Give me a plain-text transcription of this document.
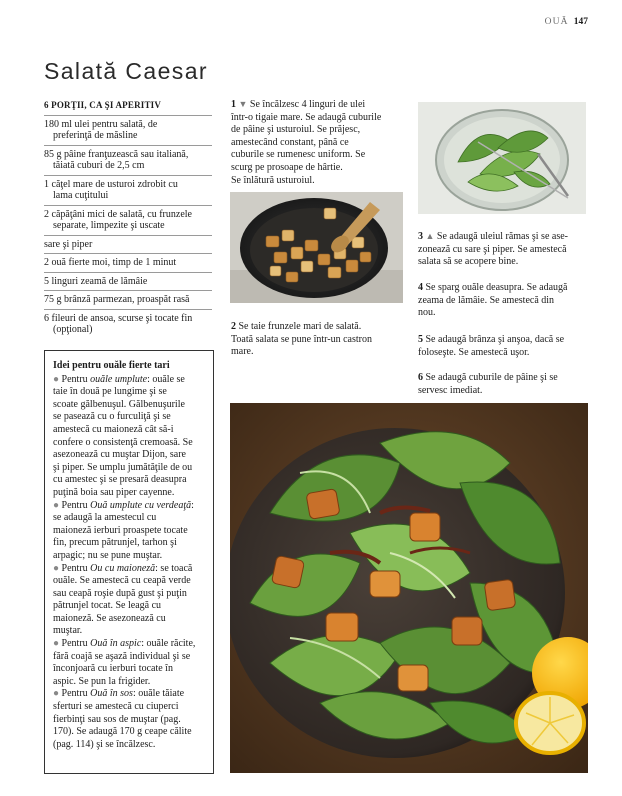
OUĂ 147
Salată Caesar
6 PORŢII, CA ŞI APERITIV
180 ml ulei pentru salată, de
preferinţă de măsline
85 g pâine franţuzească sau italiană,
tăiată cuburi de 2,5 cm
1 căţel mare de usturoi zdrobit cu
lama cuţitului
2 căpăţâni mici de salată, cu frunzele
separate, limpezite şi uscate
sare şi piper
2 ouă fierte moi, timp de 1 minut
5 linguri zeamă de lămâie
75 g brânză parmezan, proaspăt rasă
6 fileuri de ansoa, scurse şi tocate fin
(opţional)
1 ▼ Se încălzesc 4 linguri de ulei
într-o tigaie mare. Se adaugă cuburile
de pâine şi usturoiul. Se prăjesc,
amestecând constant, până ce
cuburile se rumenesc uniform. Se
scurg pe prosoape de hârtie.
Se înlătură usturoiul.
2 Se taie frunzele mari de salată.
Toată salata se pune într-un castron
mare.
3 ▲ Se adaugă uleiul rămas şi se ase-
zonează cu sare şi piper. Se amestecă
salata să se acopere bine.
4 Se sparg ouăle deasupra. Se adaugă
zeama de lămâie. Se amestecă din
nou.
5 Se adaugă brânza şi anşoa, dacă se
foloseşte. Se amestecă uşor.
6 Se adaugă cuburile de pâine şi se
servesc imediat.
Idei pentru ouăle fierte tari
● Pentru ouăle umplute: ouăle se
taie în două pe lungime şi se
scoate gălbenuşul. Gălbenuşurile
se pasează cu o furculiţă şi se
amestecă cu maioneză cât să-i
confere o consistenţă cremoasă. Se
asezonează cu muştar Dijon, sare
şi piper. Se umplu jumătăţile de ou
cu amestec şi se presară deasupra
puţină boia sau piper cayenne.
● Pentru Ouă umplute cu verdeaţă:
se adaugă la amestecul cu
maioneză ierburi proaspete tocate
fin, precum pătrunjel, tarhon şi
arpagic; nu se pune muştar.
● Pentru Ou cu maioneză: se toacă
ouăle. Se amestecă cu ceapă verde
sau ceapă roşie după gust şi puţin
pătrunjel tocat. Se leagă cu
maioneză. Se asezonează cu
muştar.
● Pentru Ouă în aspic: ouăle răcite,
fără coajă se aşază individual şi se
înconjoară cu ierburi tocate în
aspic. Se pun la frigider.
● Pentru Ouă în sos: ouăle tăiate
sferturi se amestecă cu ciuperci
fierbinţi sau sos de muştar (pag.
170). Se adaugă 170 g ceape călite
(pag. 114) şi se încălzesc.
